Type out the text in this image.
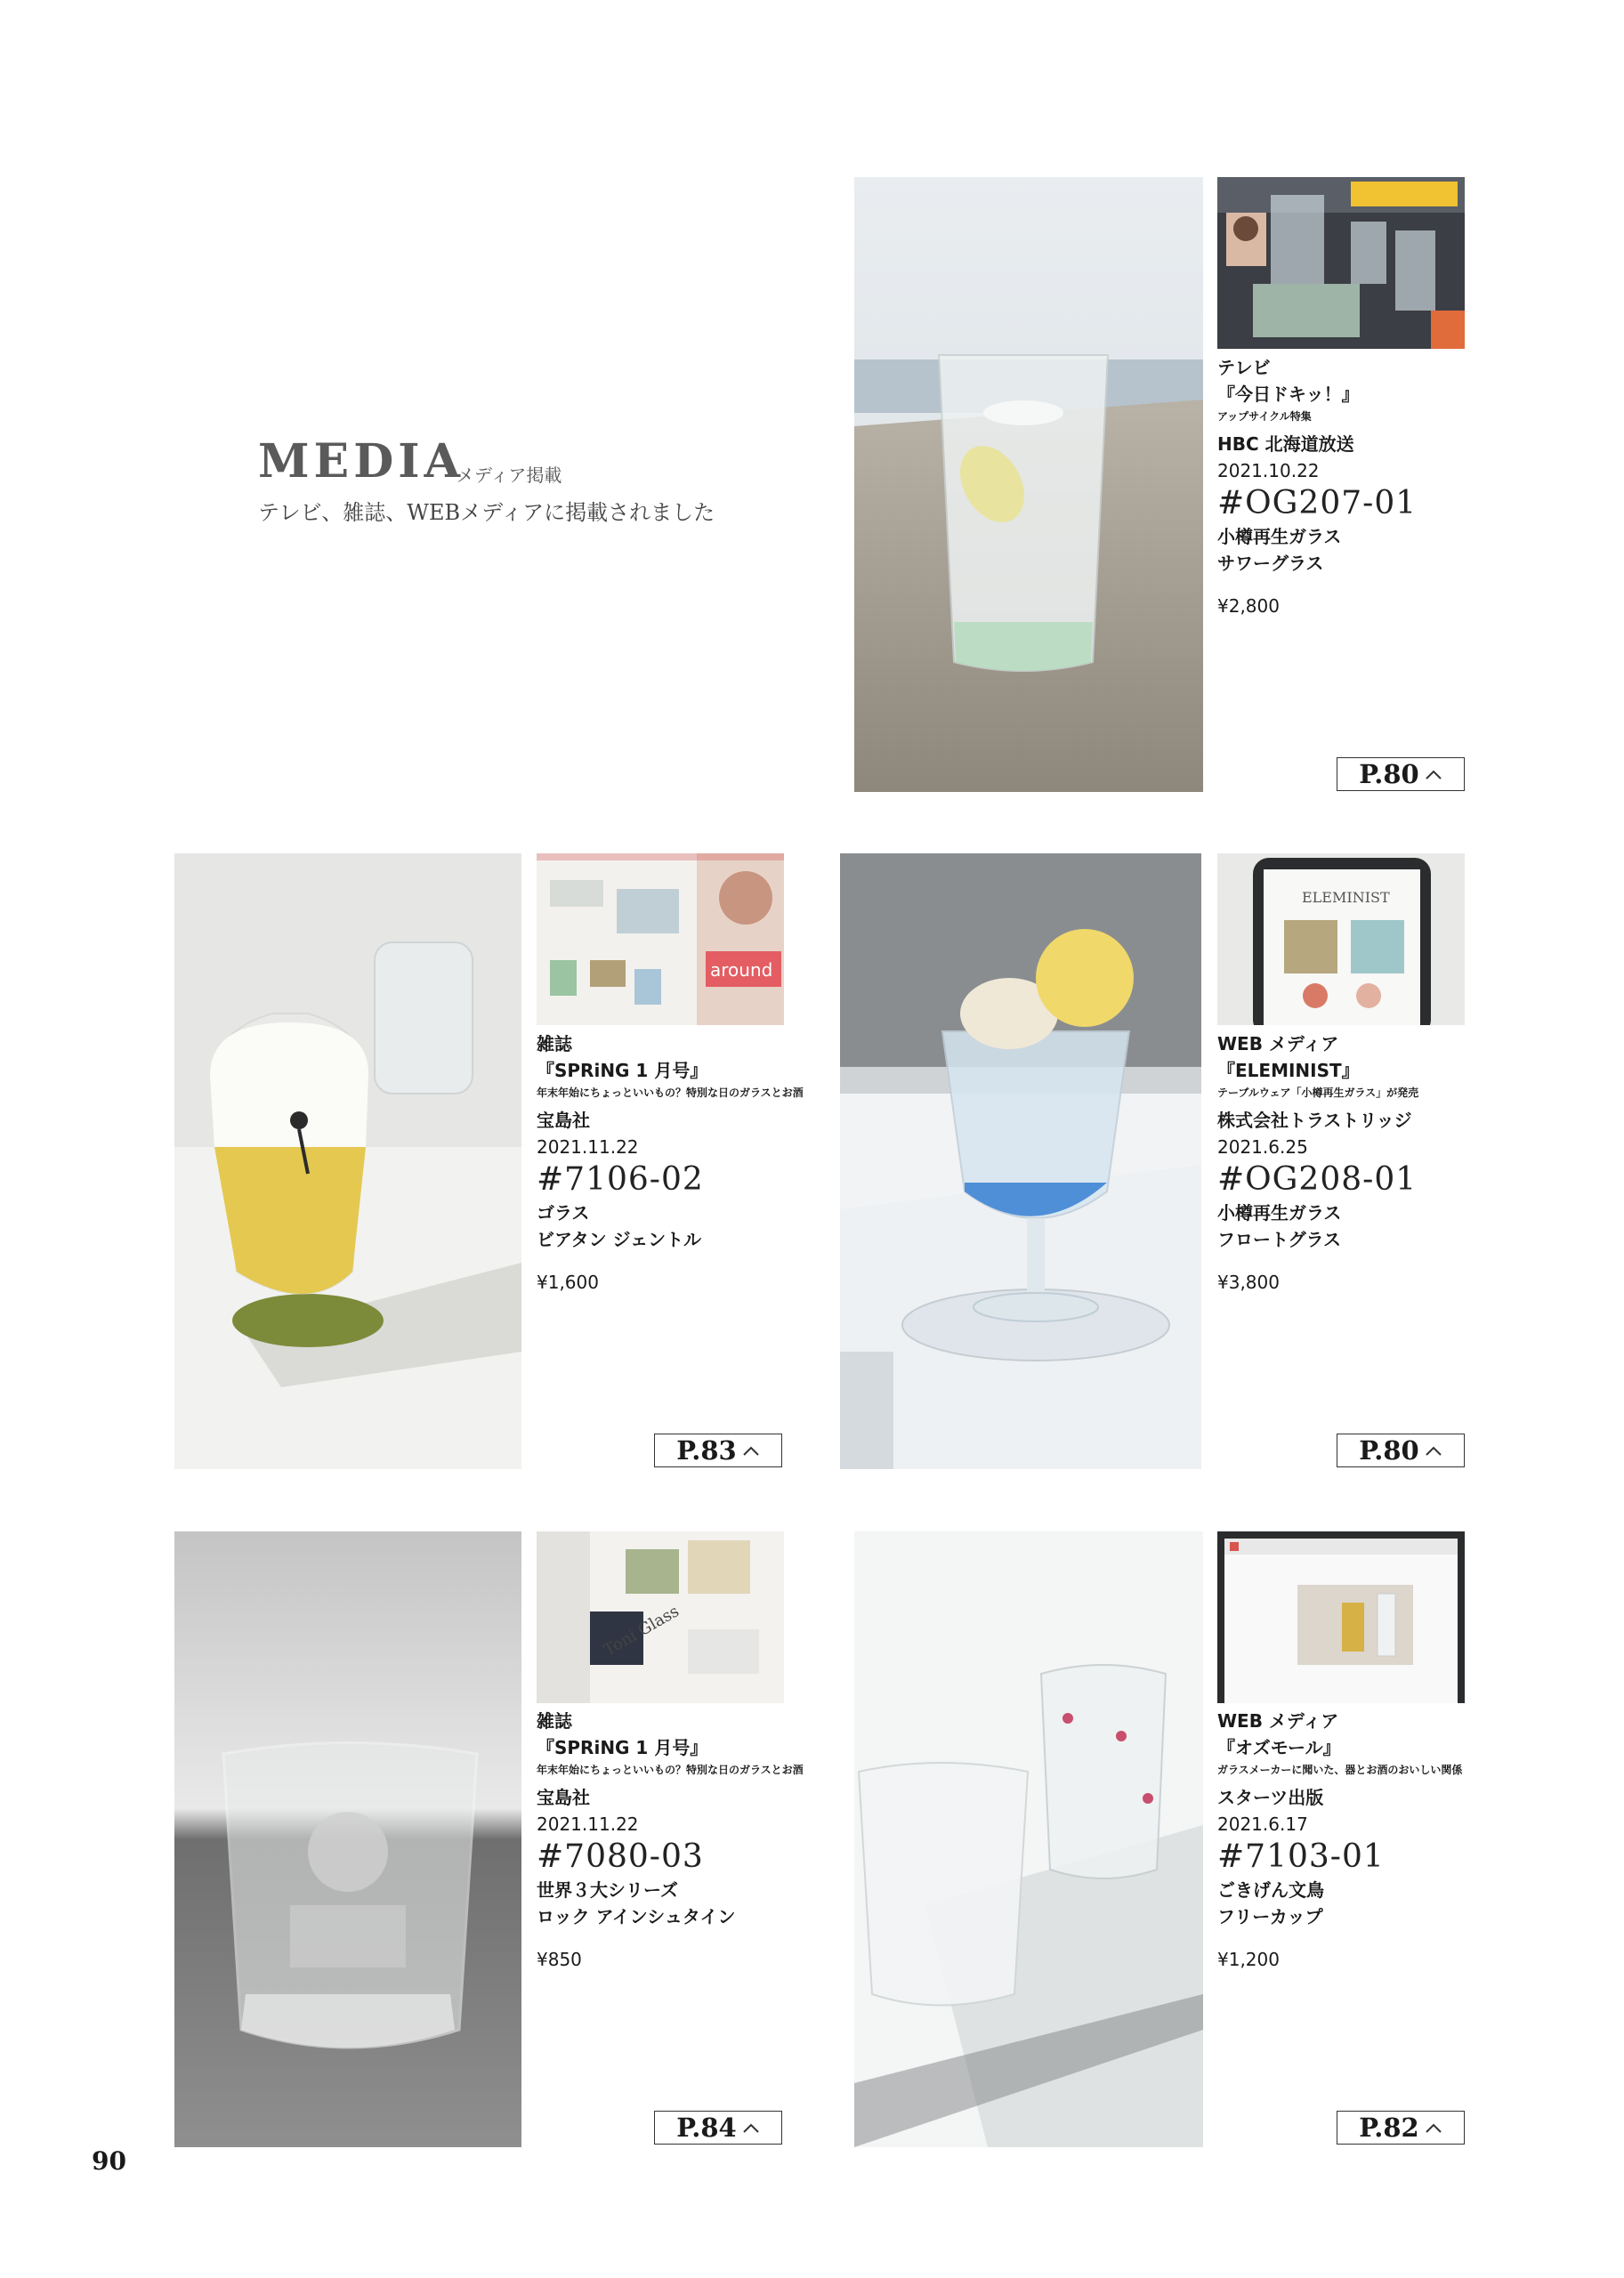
MEDIA
メディア掲載
テレビ、雑誌、WEBメディアに掲載されました
テレビ
『今日ドキッ！』
アップサイクル特集
HBC 北海道放送
2021.10.22
#OG207-01
小樽再生ガラス
サワーグラス
¥2,800
P.80
around
雑誌
『SPRiNG 1 月号』
年末年始にちょっといいもの？特別な日のガラスとお酒
宝島社
2021.11.22
#7106-02
ゴラス
ビアタン ジェントル
¥1,600
P.83
ELEMINIST
WEB メディア
『ELEMINIST』
テーブルウェア「小樽再生ガラス」が発売
株式会社トラストリッジ
2021.6.25
#OG208-01
小樽再生ガラス
フロートグラス
¥3,800
P.80
Toni Glass
雑誌
『SPRiNG 1 月号』
年末年始にちょっといいもの？特別な日のガラスとお酒
宝島社
2021.11.22
#7080-03
世界３大シリーズ
ロック アインシュタイン
¥850
P.84
WEB メディア
『オズモール』
ガラスメーカーに聞いた、器とお酒のおいしい関係
スターツ出版
2021.6.17
#7103-01
ごきげん文鳥
フリーカップ
¥1,200
P.82
90
